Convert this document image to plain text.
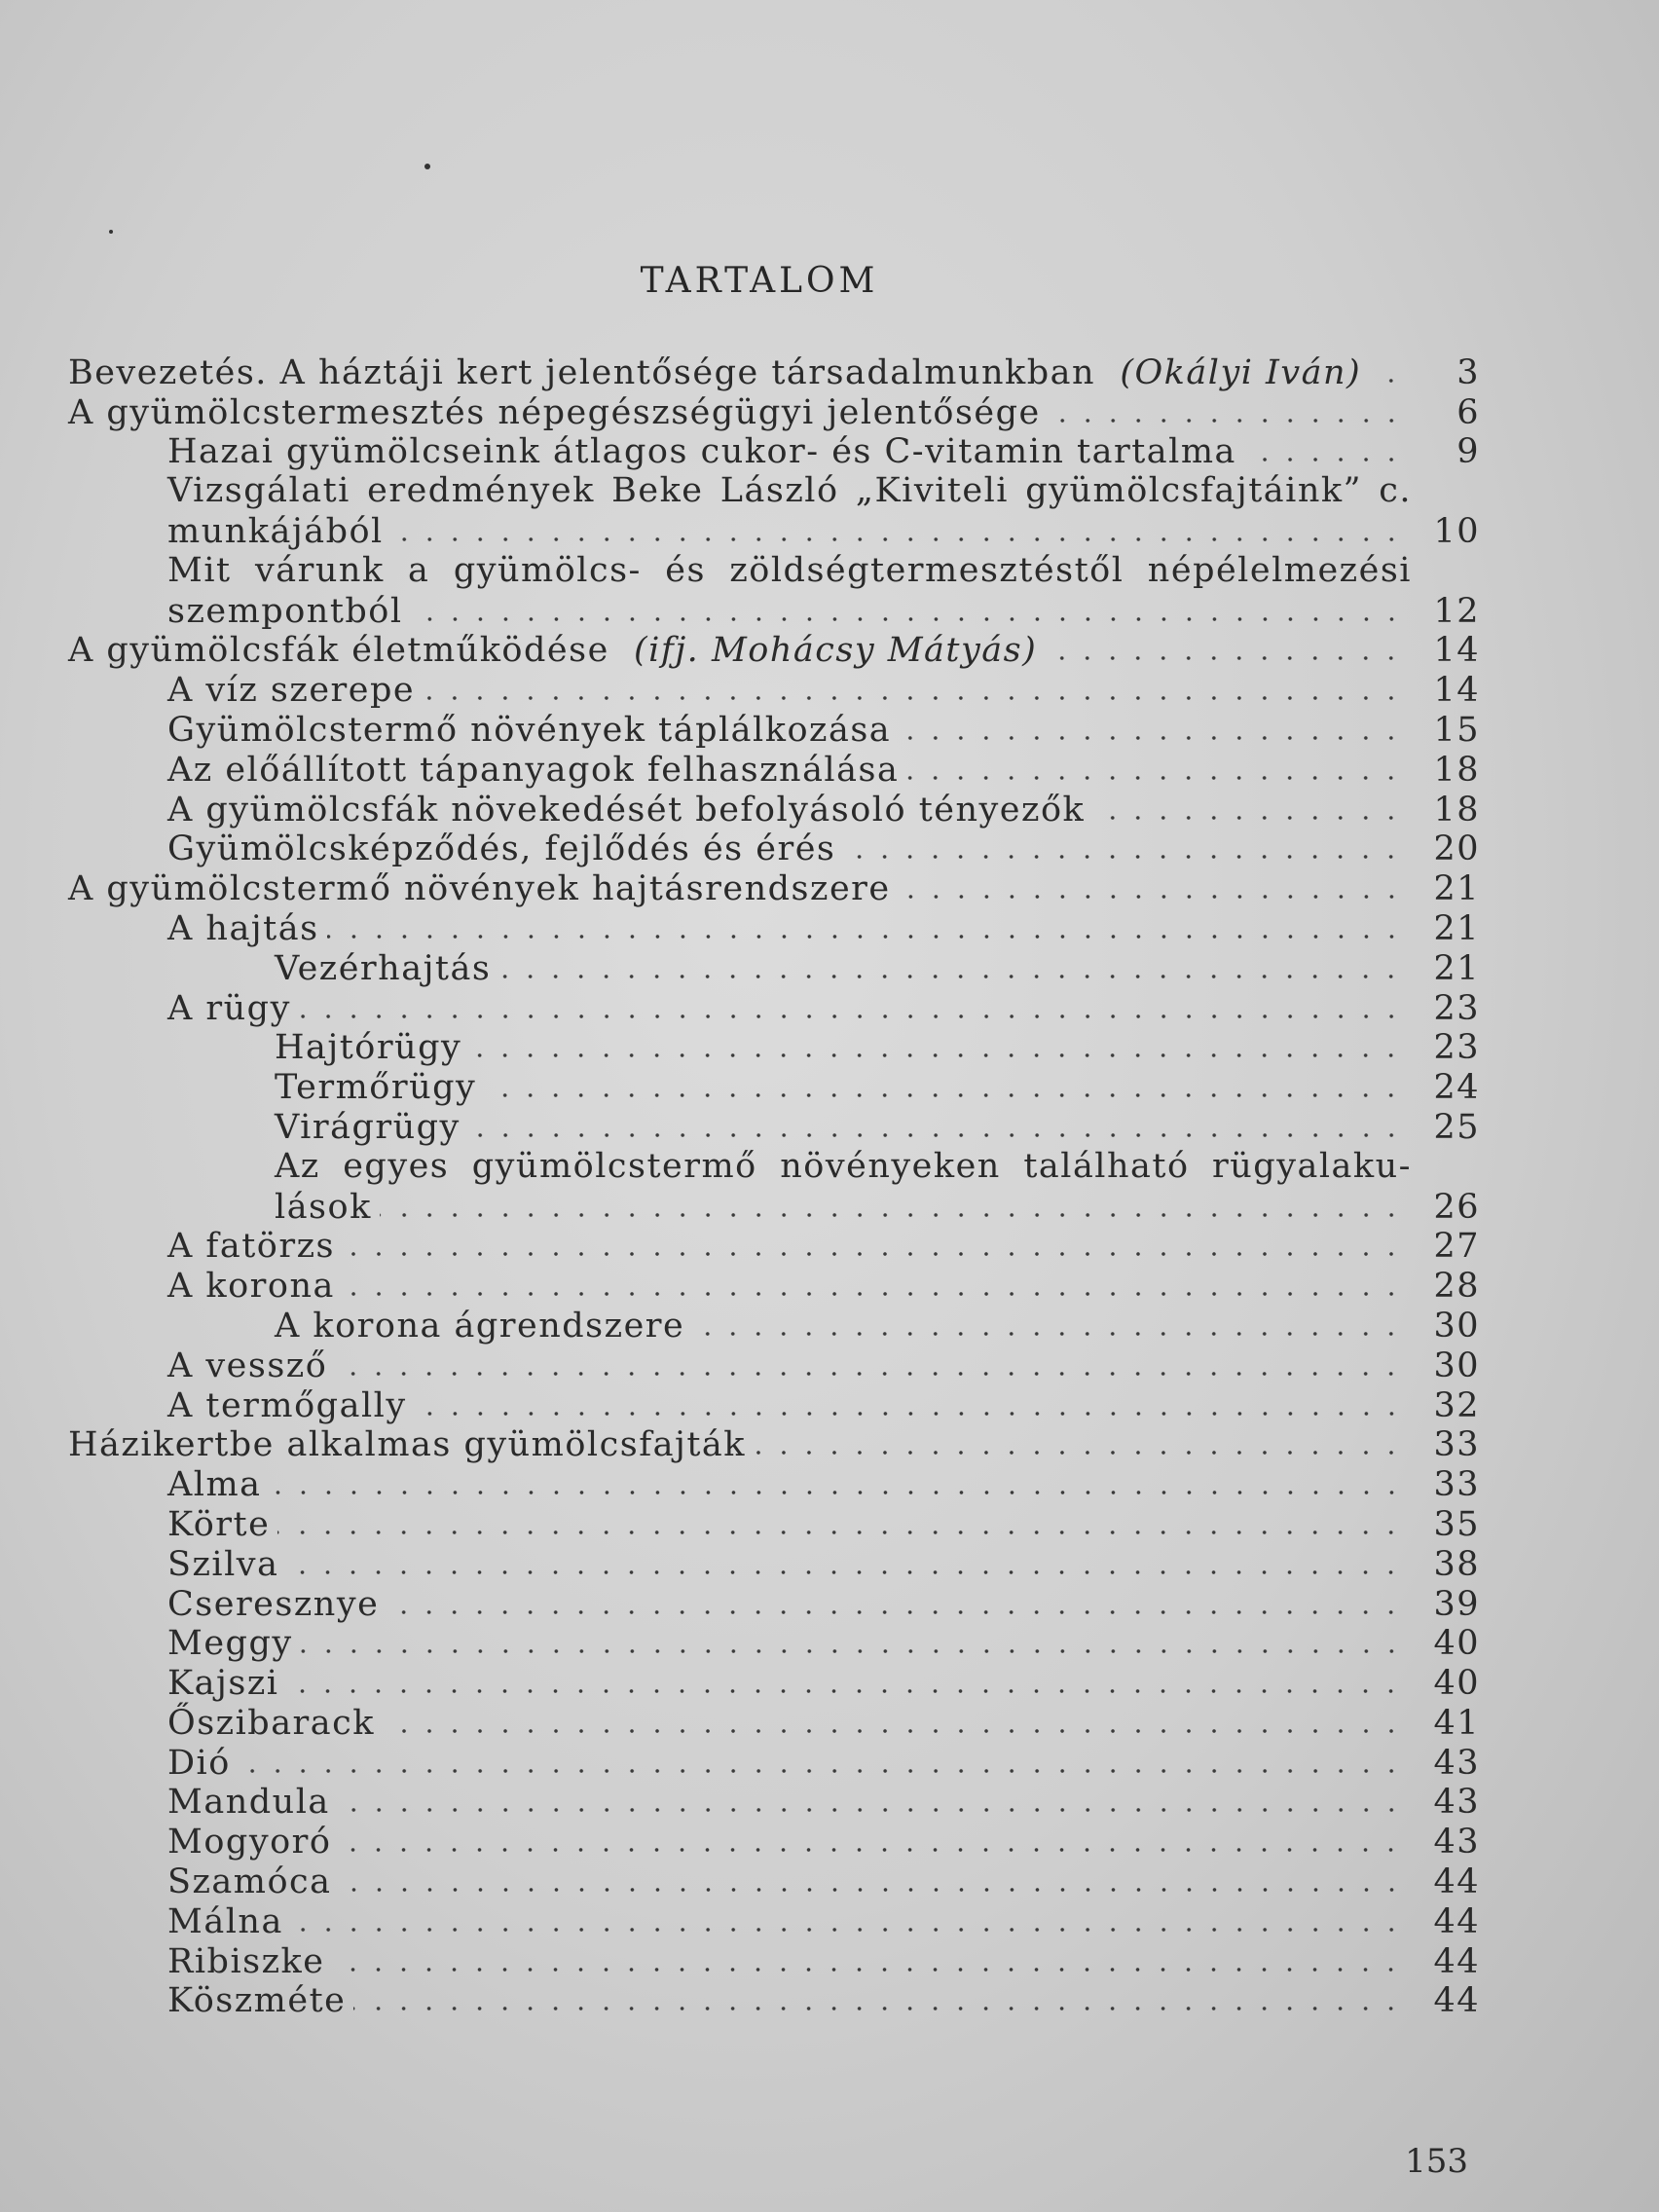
TARTALOM
Bevezetés. A háztáji kert jelentősége társadalmunkban  (Okályi Iván)	3
A gyümölcstermesztés népegészségügyi jelentősége	6
Hazai gyümölcseink átlagos cukor- és C-vitamin tartalma	9
Vizsgálati eredmények Beke László „Kiviteli gyümölcsfajtáink” c.
munkájából	10
Mit várunk a gyümölcs- és zöldségtermesztéstől népélelmezési
szempontból	12
A gyümölcsfák életműködése  (ifj. Mohácsy Mátyás)	14
A víz szerepe	14
Gyümölcstermő növények táplálkozása	15
Az előállított tápanyagok felhasználása	18
A gyümölcsfák növekedését befolyásoló tényezők	18
Gyümölcsképződés, fejlődés és érés	20
A gyümölcstermő növények hajtásrendszere	21
A hajtás	21
Vezérhajtás	21
A rügy	23
Hajtórügy	23
Termőrügy	24
Virágrügy	25
Az egyes gyümölcstermő növényeken található rügyalaku-
lások	26
A fatörzs	27
A korona	28
A korona ágrendszere	30
A vessző	30
A termőgally	32
Házikertbe alkalmas gyümölcsfajták	33
Alma	33
Körte	35
Szilva	38
Cseresznye	39
Meggy	40
Kajszi	40
Őszibarack	41
Dió	43
Mandula	43
Mogyoró	43
Szamóca	44
Málna	44
Ribiszke	44
Köszméte	44
153
